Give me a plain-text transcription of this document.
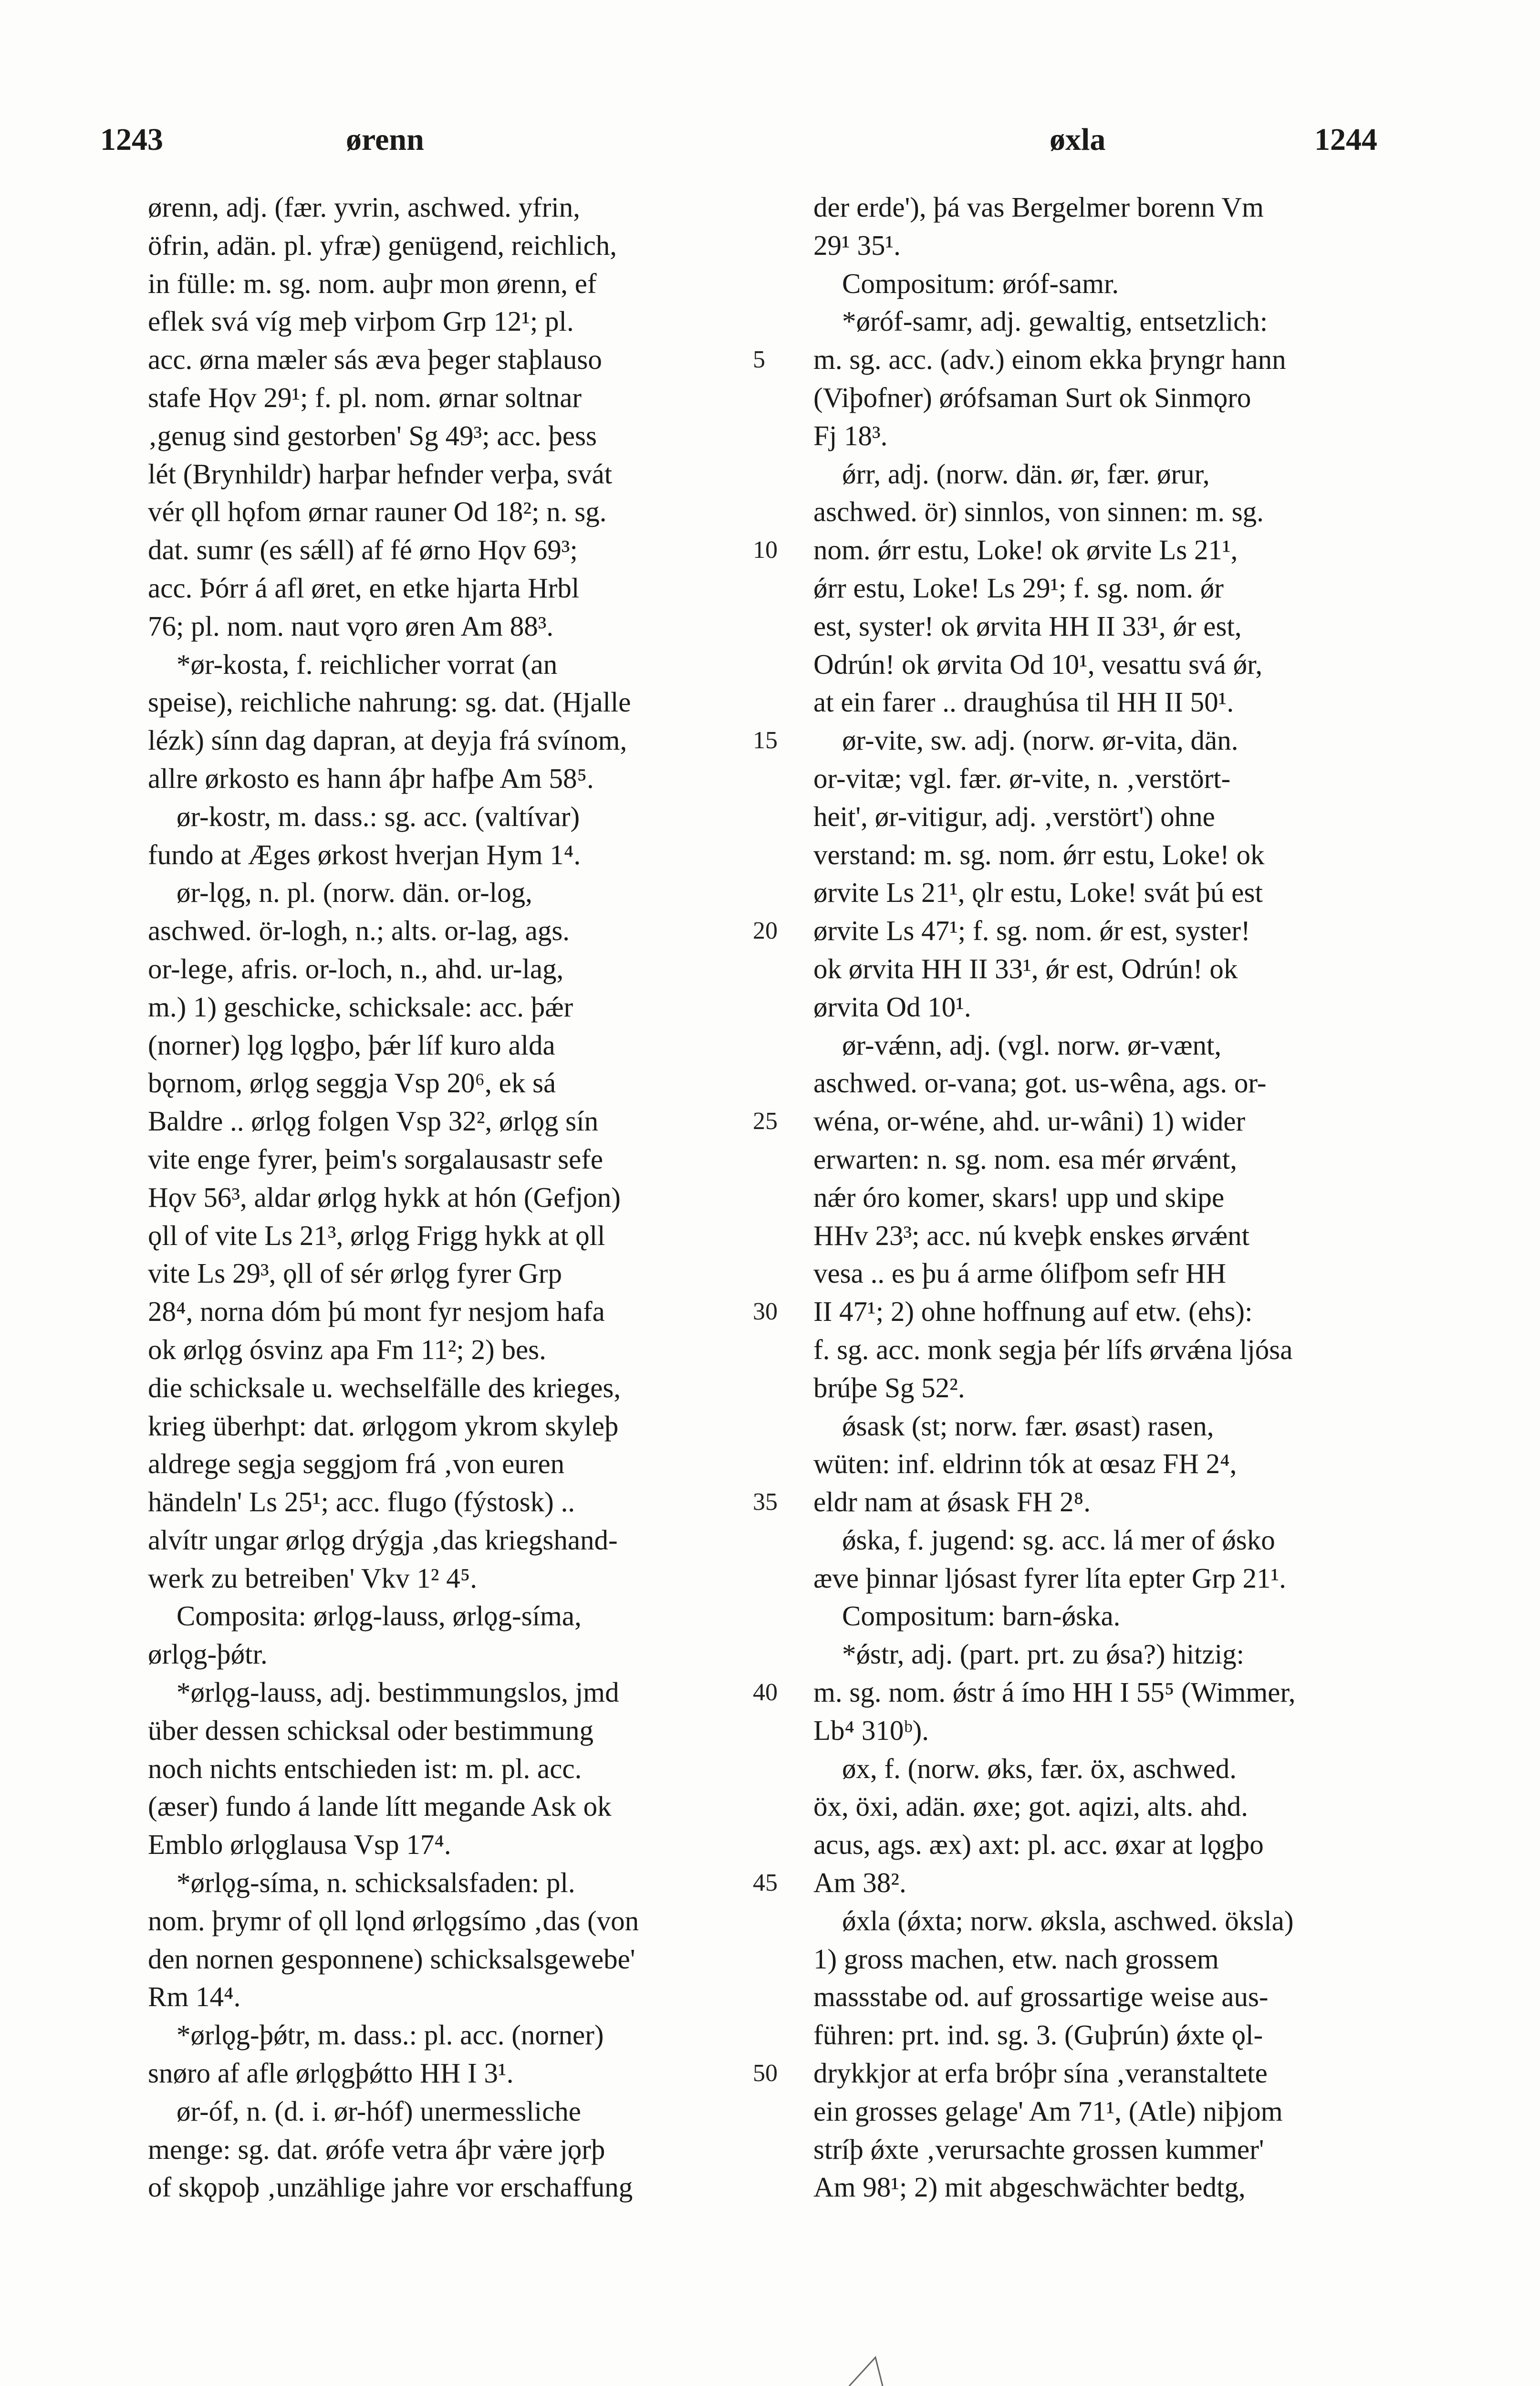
1243	ørenn	øxla	1244
ørenn, adj. (fær. yvrin, aschwed. yfrin,
öfrin, adän. pl. yfræ) genügend, reichlich,
in fülle: m. sg. nom. auþr mon ørenn, ef
eflek svá víg meþ virþom Grp 12¹; pl.
acc. ørna mæler sás æva þeger staþlauso
stafe Hǫv 29¹; f. pl. nom. ørnar soltnar
‚genug sind gestorben' Sg 49³; acc. þess
lét (Brynhildr) harþar hefnder verþa, svát
vér ǫll hǫfom ørnar rauner Od 18²; n. sg.
dat. sumr (es sǽll) af fé ørno Hǫv 69³;
acc. Þórr á afl øret, en etke hjarta Hrbl
76; pl. nom. naut vǫro øren Am 88³.
*ør-kosta, f. reichlicher vorrat (an
speise), reichliche nahrung: sg. dat. (Hjalle
lézk) sínn dag dapran, at deyja frá svínom,
allre ørkosto es hann áþr hafþe Am 58⁵.
ør-kostr, m. dass.: sg. acc. (valtívar)
fundo at Æges ørkost hverjan Hym 1⁴.
ør-lǫg, n. pl. (norw. dän. or-log,
aschwed. ör-logh, n.; alts. or-lag, ags.
or-lege, afris. or-loch, n., ahd. ur-lag,
m.) 1) geschicke, schicksale: acc. þǽr
(norner) lǫg lǫgþo, þǽr líf kuro alda
bǫrnom, ørlǫg seggja Vsp 20⁶, ek sá
Baldre .. ørlǫg folgen Vsp 32², ørlǫg sín
vite enge fyrer, þeim's sorgalausastr sefe
Hǫv 56³, aldar ørlǫg hykk at hón (Gefjon)
ǫll of vite Ls 21³, ørlǫg Frigg hykk at ǫll
vite Ls 29³, ǫll of sér ørlǫg fyrer Grp
28⁴, norna dóm þú mont fyr nesjom hafa
ok ørlǫg ósvinz apa Fm 11²; 2) bes.
die schicksale u. wechselfälle des krieges,
krieg überhpt: dat. ørlǫgom ykrom skyleþ
aldrege segja seggjom frá ‚von euren
händeln' Ls 25¹; acc. flugo (fýstosk) ..
alvítr ungar ørlǫg drýgja ‚das kriegshand-
werk zu betreiben' Vkv 1² 4⁵.
Composita: ørlǫg-lauss, ørlǫg-síma,
ørlǫg-þǿtr.
*ørlǫg-lauss, adj. bestimmungslos, jmd
über dessen schicksal oder bestimmung
noch nichts entschieden ist: m. pl. acc.
(æser) fundo á lande lítt megande Ask ok
Emblo ørlǫglausa Vsp 17⁴.
*ørlǫg-síma, n. schicksalsfaden: pl.
nom. þrymr of ǫll lǫnd ørlǫgsímo ‚das (von
den nornen gesponnene) schicksalsgewebe'
Rm 14⁴.
*ørlǫg-þǿtr, m. dass.: pl. acc. (norner)
snøro af afle ørlǫgþǿtto HH I 3¹.
ør-óf, n. (d. i. ør-hóf) unermessliche
menge: sg. dat. ørófe vetra áþr væ̇re jǫrþ
of skǫpoþ ‚unzählige jahre vor erschaffung
der erde'), þá vas Bergelmer borenn Vm
29¹ 35¹.
Compositum: øróf-samr.
*øróf-samr, adj. gewaltig, entsetzlich:
m. sg. acc. (adv.) einom ekka þryngr hann
(Viþofner) ørófsaman Surt ok Sinmǫro
Fj 18³.
ǿrr, adj. (norw. dän. ør, fær. ørur,
aschwed. ör) sinnlos, von sinnen: m. sg.
nom. ǿrr estu, Loke! ok ørvite Ls 21¹,
ǿrr estu, Loke! Ls 29¹; f. sg. nom. ǿr
est, syster! ok ørvita HH II 33¹, ǿr est,
Odrún! ok ørvita Od 10¹, vesattu svá ǿr,
at ein farer .. draughúsa til HH II 50¹.
ør-vite, sw. adj. (norw. ør-vita, dän.
or-vitæ; vgl. fær. ør-vite, n. ‚verstört-
heit', ør-vitigur, adj. ‚verstört') ohne
verstand: m. sg. nom. ǿrr estu, Loke! ok
ørvite Ls 21¹, ǫlr estu, Loke! svát þú est
ørvite Ls 47¹; f. sg. nom. ǿr est, syster!
ok ørvita HH II 33¹, ǿr est, Odrún! ok
ørvita Od 10¹.
ør-vǽnn, adj. (vgl. norw. ør-vænt,
aschwed. or-vana; got. us-wêna, ags. or-
wéna, or-wéne, ahd. ur-wâni) 1) wider
erwarten: n. sg. nom. esa mér ørvǽnt,
nǽr óro komer, skars! upp und skipe
HHv 23³; acc. nú kveþk enskes ørvǽnt
vesa .. es þu á arme ólifþom sefr HH
II 47¹; 2) ohne hoffnung auf etw. (ehs):
f. sg. acc. monk segja þér lífs ørvǽna ljósa
brúþe Sg 52².
ǿsask (st; norw. fær. øsast) rasen,
wüten: inf. eldrinn tók at œsaz FH 2⁴,
eldr nam at ǿsask FH 2⁸.
ǿska, f. jugend: sg. acc. lá mer of ǿsko
æve þinnar ljósast fyrer líta epter Grp 21¹.
Compositum: barn-ǿska.
*ǿstr, adj. (part. prt. zu ǿsa?) hitzig:
m. sg. nom. ǿstr á ímo HH I 55⁵ (Wimmer,
Lb⁴ 310ᵇ).
øx, f. (norw. øks, fær. öx, aschwed.
öx, öxi, adän. øxe; got. aqizi, alts. ahd.
acus, ags. æx) axt: pl. acc. øxar at lǫgþo
Am 38².
ǿxla (ǿxta; norw. øksla, aschwed. öksla)
1) gross machen, etw. nach grossem
massstabe od. auf grossartige weise aus-
führen: prt. ind. sg. 3. (Guþrún) ǿxte ǫl-
drykkjor at erfa bróþr sína ‚veranstaltete
ein grosses gelage' Am 71¹, (Atle) niþjom
stríþ ǿxte ‚verursachte grossen kummer'
Am 98¹; 2) mit abgeschwächter bedtg,
5
10
15
20
25
30
35
40
45
50
